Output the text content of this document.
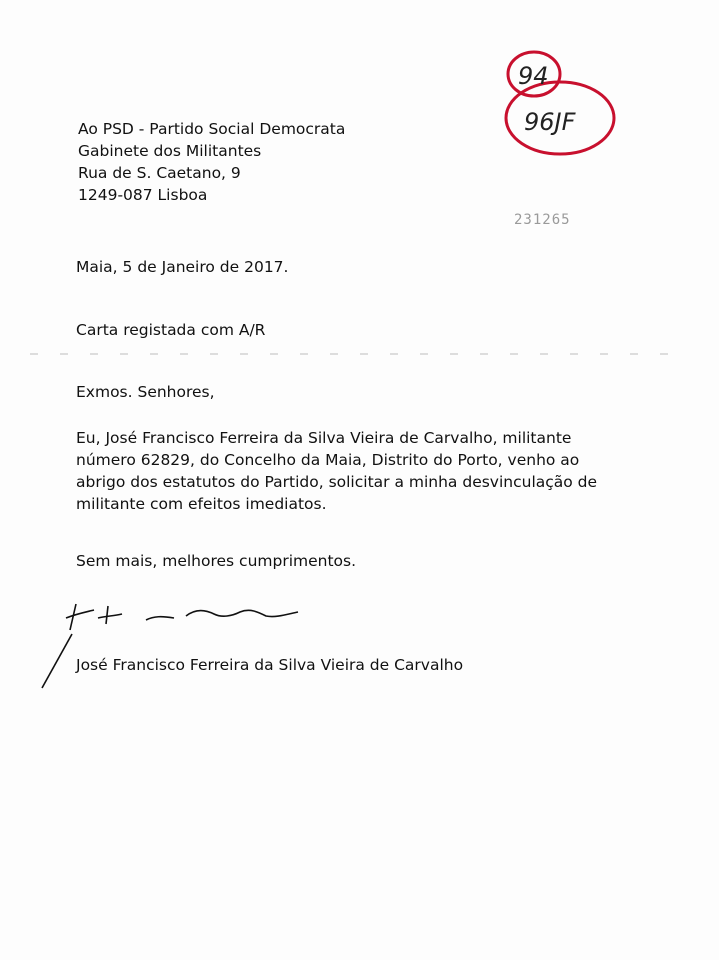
94
96JF
Ao PSD - Partido Social Democrata
Gabinete dos Militantes
Rua de S. Caetano, 9
1249-087 Lisboa
231265
Maia, 5 de Janeiro de 2017.
Carta registada com A/R
Exmos. Senhores,
Eu, José Francisco Ferreira da Silva Vieira de Carvalho, militante
número 62829, do Concelho da Maia, Distrito do Porto, venho ao
abrigo dos estatutos do Partido, solicitar a minha desvinculação de
militante com efeitos imediatos.
Sem mais, melhores cumprimentos.
José Francisco Ferreira da Silva Vieira de Carvalho
